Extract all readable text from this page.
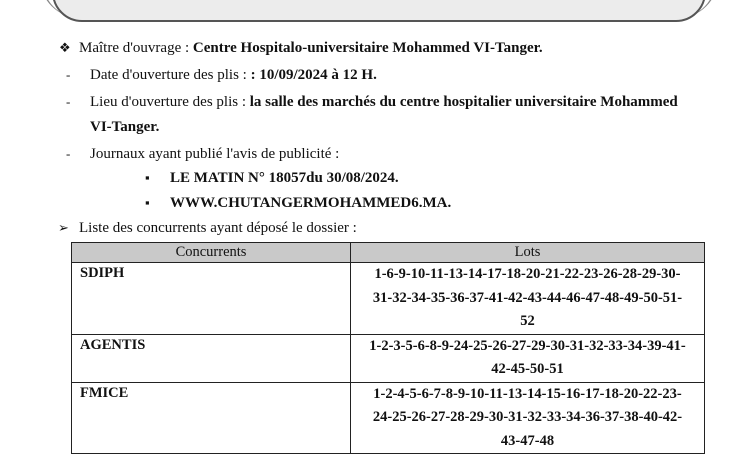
❖ Maître d'ouvrage : Centre Hospitalo-universitaire Mohammed VI-Tanger.
- Date d'ouverture des plis : : 10/09/2024 à 12 H.
- Lieu d'ouverture des plis : la salle des marchés du centre hospitalier universitaire Mohammed
VI-Tanger.
- Journaux ayant publié l'avis de publicité :
▪ LE MATIN N° 18057du 30/08/2024.
▪ WWW.CHUTANGERMOHAMMED6.MA.
➢ Liste des concurrents ayant déposé le dossier :
Concurrents	Lots
SDIPH	1-6-9-10-11-13-14-17-18-20-21-22-23-26-28-29-30-
31-32-34-35-36-37-41-42-43-44-46-47-48-49-50-51-
52

AGENTIS	1-2-3-5-6-8-9-24-25-26-27-29-30-31-32-33-34-39-41-
42-45-50-51

FMICE	1-2-4-5-6-7-8-9-10-11-13-14-15-16-17-18-20-22-23-
24-25-26-27-28-29-30-31-32-33-34-36-37-38-40-42-
43-47-48
